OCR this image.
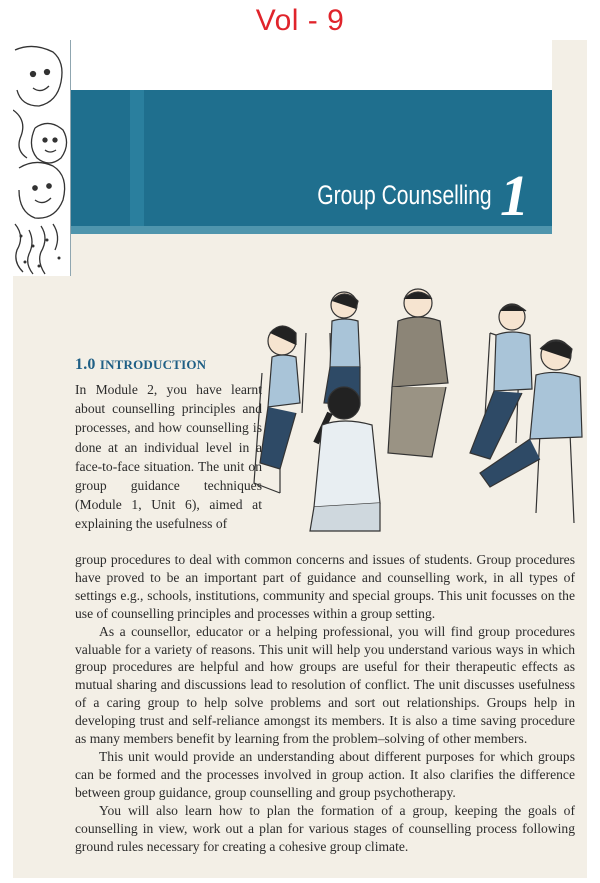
Vol - 9
Group Counselling 1
1.0 INTRODUCTION
In Module 2, you have learnt about counselling principles and processes, and how counselling is done at an individual level in a face-to-face situation. The unit on group guidance techniques (Module 1, Unit 6), aimed at explaining the usefulness of

group procedures to deal with common concerns and issues of students. Group procedures have proved to be an important part of guidance and counselling work, in all types of settings e.g., schools, institutions, community and special groups. This unit focusses on the use of counselling principles and processes within a group setting.

As a counsellor, educator or a helping professional, you will find group procedures valuable for a variety of reasons. This unit will help you understand various ways in which group procedures are helpful and how groups are useful for their therapeutic effects as mutual sharing and discussions lead to resolution of conflict. The unit discusses usefulness of a caring group to help solve problems and sort out relationships. Groups help in developing trust and self-reliance amongst its members. It is also a time saving procedure as many members benefit by learning from the problem–solving of other members.

This unit would provide an understanding about different purposes for which groups can be formed and the processes involved in group action. It also clarifies the difference between group guidance, group counselling and group psychotherapy.

You will also learn how to plan the formation of a group, keeping the goals of counselling in view, work out a plan for various stages of counselling process following ground rules necessary for creating a cohesive group climate.
